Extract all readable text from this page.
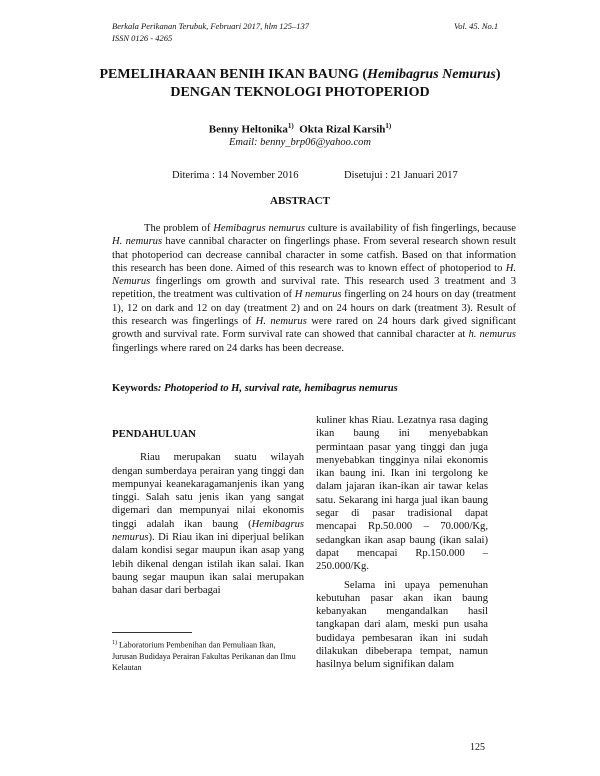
Berkala Perikanan Terubuk, Februari 2017, hlm 125–137
ISSN 0126 - 4265
Vol. 45. No.1
PEMELIHARAAN BENIH IKAN BAUNG (Hemibagrus Nemurus)
DENGAN TEKNOLOGI PHOTOPERIOD
Benny Heltonika$^{1)}$ Okta Rizal Karsih$^{1)}$
Email: benny_brp06@yahoo.com
Diterima : 14 November 2016	Disetujui : 21 Januari 2017
ABSTRACT

The problem of Hemibagrus nemurus culture is availability of fish fingerlings, because H. nemurus have cannibal character on fingerlings phase. From several research shown result that photoperiod can decrease cannibal character in some catfish. Based on that information this research has been done. Aimed of this research was to known effect of photoperiod to H. Nemurus fingerlings om growth and survival rate. This research used 3 treatment and 3 repetition, the treatment was cultivation of H nemurus fingerling on 24 hours on day (treatment 1), 12 on dark and 12 on day (treatment 2) and on 24 hours on dark (treatment 3). Result of this research was fingerlings of H. nemurus were rared on 24 hours dark gived significant growth and survival rate. Form survival rate can showed that cannibal character at h. nemurus fingerlings where rared on 24 darks has been decrease.

Keywords: Photoperiod to H, survival rate, hemibagrus nemurus
PENDAHULUAN

Riau merupakan suatu wilayah dengan sumberdaya perairan yang tinggi dan mempunyai keanekaragamanjenis ikan yang tinggi. Salah satu jenis ikan yang sangat digemari dan mempunyai nilai ekonomis tinggi adalah ikan baung (Hemibagrus nemurus). Di Riau ikan ini diperjual belikan dalam kondisi segar maupun ikan asap yang lebih dikenal dengan istilah ikan salai. Ikan baung segar maupun ikan salai merupakan bahan dasar dari berbagai

$^{1)}$ Laboratorium Pembenihan dan Pemuliaan Ikan, Jurusan Budidaya Perairan Fakultas Perikanan dan Ilmu Kelautan

kuliner khas Riau. Lezatnya rasa daging ikan baung ini menyebabkan permintaan pasar yang tinggi dan juga menyebabkan tingginya nilai ekonomis ikan baung ini. Ikan ini tergolong ke dalam jajaran ikan-ikan air tawar kelas satu. Sekarang ini harga jual ikan baung segar di pasar tradisional dapat mencapai Rp.50.000 – 70.000/Kg, sedangkan ikan asap baung (ikan salai) dapat mencapai Rp.150.000 – 250.000/Kg.

Selama ini upaya pemenuhan kebutuhan pasar akan ikan baung kebanyakan mengandalkan hasil tangkapan dari alam, meski pun usaha budidaya pembesaran ikan ini sudah dilakukan dibeberapa tempat, namun hasilnya belum signifikan dalam

125
